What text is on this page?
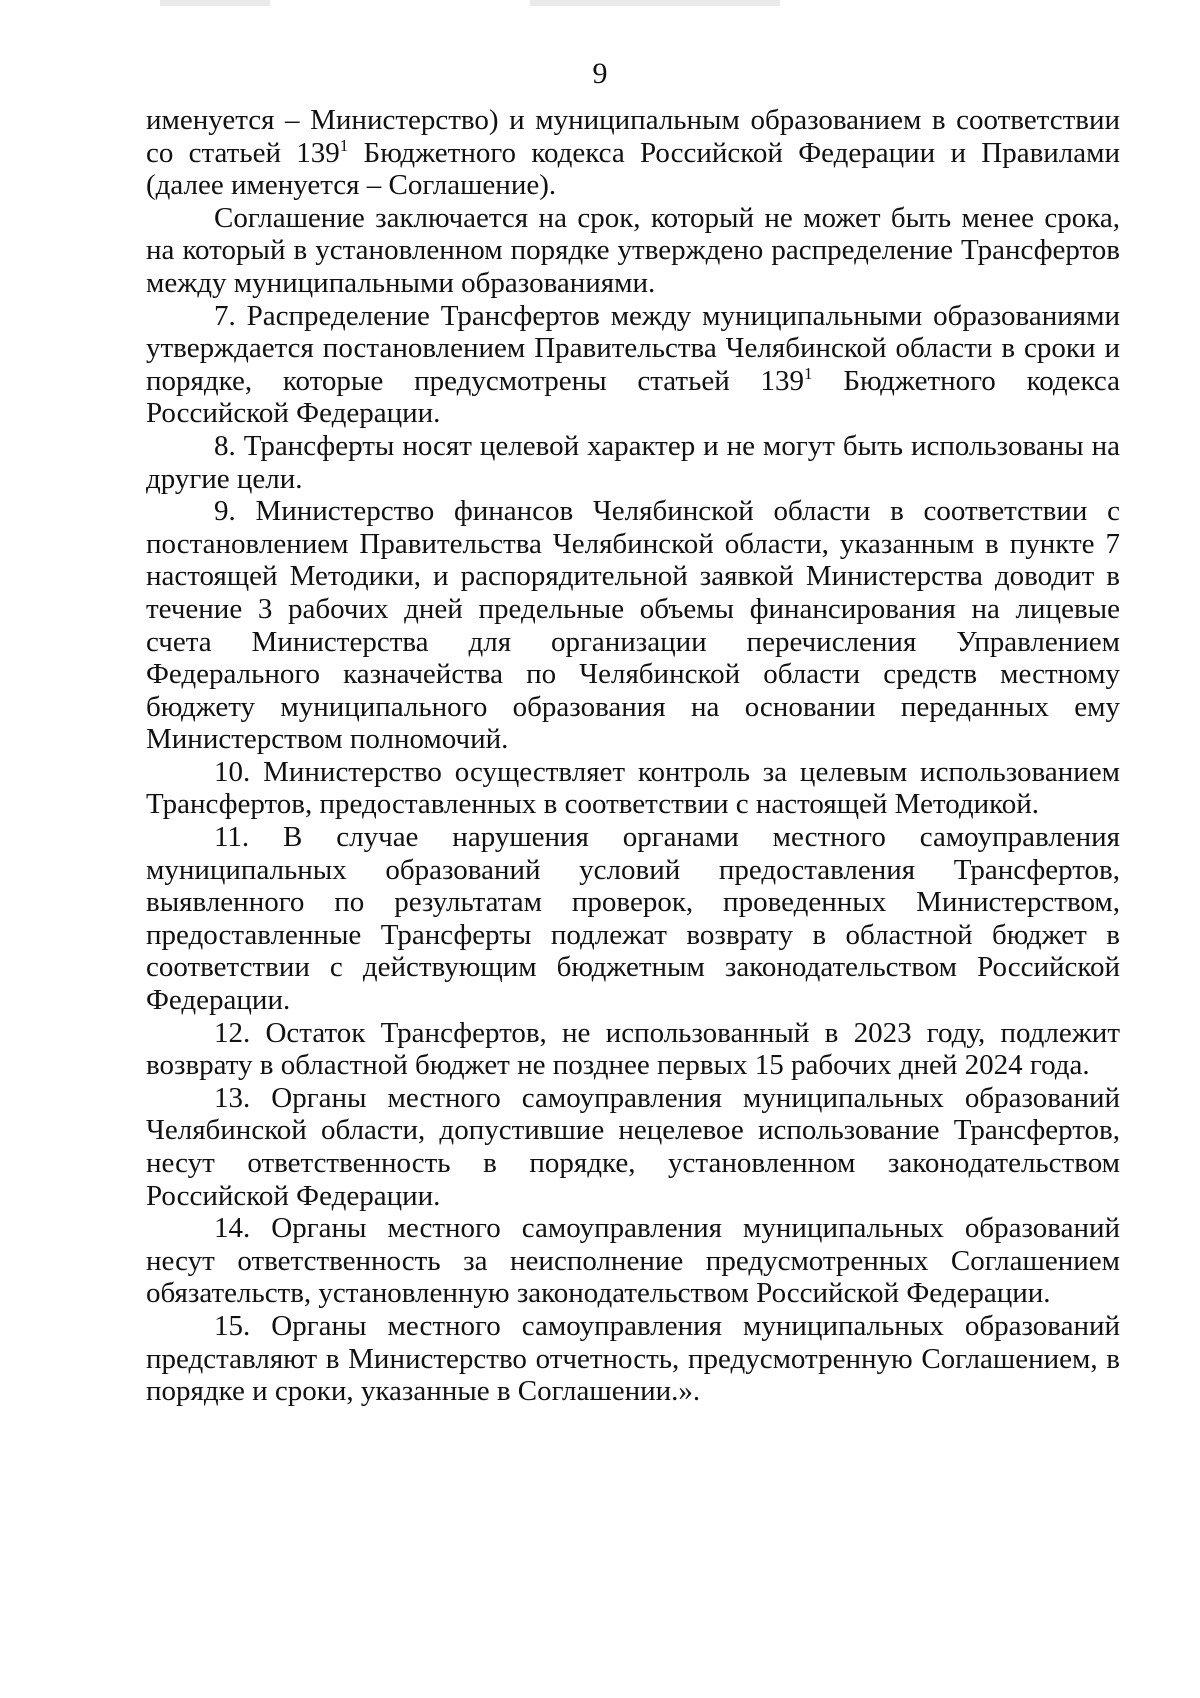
9

именуется – Министерство) и муниципальным образованием в соответствии со статьей $139^1$ Бюджетного кодекса Российской Федерации и Правилами (далее именуется – Соглашение).

Соглашение заключается на срок, который не может быть менее срока, на который в установленном порядке утверждено распределение Трансфертов между муниципальными образованиями.

7. Распределение Трансфертов между муниципальными образованиями утверждается постановлением Правительства Челябинской области в сроки и порядке, которые предусмотрены статьей $139^1$ Бюджетного кодекса Российской Федерации.

8. Трансферты носят целевой характер и не могут быть использованы на другие цели.

9. Министерство финансов Челябинской области в соответствии с постановлением Правительства Челябинской области, указанным в пункте 7 настоящей Методики, и распорядительной заявкой Министерства доводит в течение 3 рабочих дней предельные объемы финансирования на лицевые счета Министерства для организации перечисления Управлением Федерального казначейства по Челябинской области средств местному бюджету муниципального образования на основании переданных ему Министерством полномочий.

10. Министерство осуществляет контроль за целевым использованием Трансфертов, предоставленных в соответствии с настоящей Методикой.

11. В случае нарушения органами местного самоуправления муниципальных образований условий предоставления Трансфертов, выявленного по результатам проверок, проведенных Министерством, предоставленные Трансферты подлежат возврату в областной бюджет в соответствии с действующим бюджетным законодательством Российской Федерации.

12. Остаток Трансфертов, не использованный в 2023 году, подлежит возврату в областной бюджет не позднее первых 15 рабочих дней 2024 года.

13. Органы местного самоуправления муниципальных образований Челябинской области, допустившие нецелевое использование Трансфертов, несут ответственность в порядке, установленном законодательством Российской Федерации.

14. Органы местного самоуправления муниципальных образований несут ответственность за неисполнение предусмотренных Соглашением обязательств, установленную законодательством Российской Федерации.

15. Органы местного самоуправления муниципальных образований представляют в Министерство отчетность, предусмотренную Соглашением, в порядке и сроки, указанные в Соглашении.».
